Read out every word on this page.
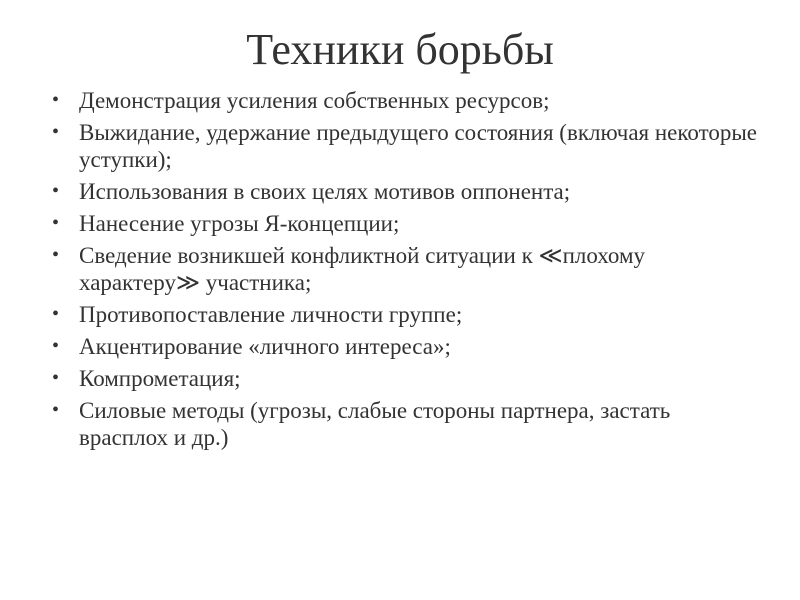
Техники борьбы
• Демонстрация усиления собственных ресурсов;
• Выжидание, удержание предыдущего состояния (включая некоторые уступки);
• Использования в своих целях мотивов оппонента;
• Нанесение угрозы Я-концепции;
• Сведение возникшей конфликтной ситуации к ≪плохому характеру≫ участника;
• Противопоставление личности группе;
• Акцентирование «личного интереса»;
• Компрометация;
• Силовые методы (угрозы, слабые стороны партнера, застать врасплох и др.)
